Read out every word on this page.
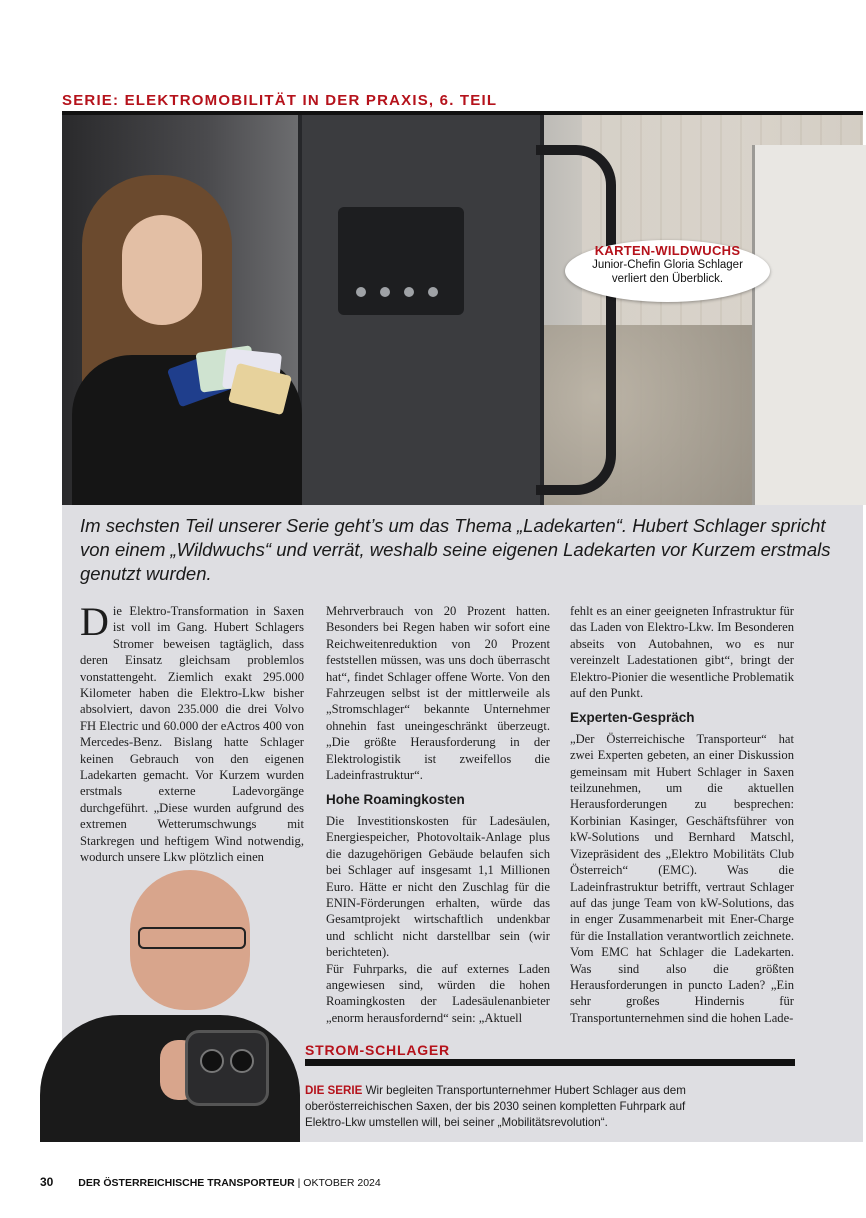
SERIE: ELEKTROMOBILITÄT IN DER PRAXIS, 6. TEIL
KARTEN-WILDWUCHS
Junior-Chefin Gloria Schlager
verliert den Überblick.
Im sechsten Teil unserer Serie geht’s um das Thema „Ladekarten“. Hubert Schlager spricht von einem „Wildwuchs“ und verrät, weshalb seine eigenen Ladekarten vor Kurzem erstmals genutzt wurden.

Die Elektro-Transformation in Saxen ist voll im Gang. Hubert Schlagers Stromer beweisen tagtäglich, dass deren Einsatz gleichsam problemlos vonstattengeht. Ziemlich exakt 295.000 Kilometer haben die Elektro-Lkw bisher absolviert, davon 235.000 die drei Volvo FH Electric und 60.000 der eActros 400 von Mercedes-Benz. Bislang hatte Schlager keinen Gebrauch von den eigenen Ladekarten gemacht. Vor Kurzem wurden erstmals externe Ladevorgänge durchgeführt. „Diese wurden aufgrund des extremen Wetterumschwungs mit Starkregen und heftigem Wind notwendig, wodurch unsere Lkw plötzlich einen

Mehrverbrauch von 20 Prozent hatten. Besonders bei Regen haben wir sofort eine Reichweitenreduktion von 20 Prozent feststellen müssen, was uns doch überrascht hat“, findet Schlager offene Worte. Von den Fahrzeugen selbst ist der mittlerweile als „Stromschlager“ bekannte Unternehmer ohnehin fast uneingeschränkt überzeugt. „Die größte Herausforderung in der Elektrologistik ist zweifellos die Ladeinfrastruktur“.

Hohe Roamingkosten

Die Investitionskosten für Ladesäulen, Energiespeicher, Photovoltaik-Anlage plus die dazugehörigen Gebäude belaufen sich bei Schlager auf insgesamt 1,1 Millionen Euro. Hätte er nicht den Zuschlag für die ENIN-Förderungen erhalten, würde das Gesamtprojekt wirtschaftlich undenkbar und schlicht nicht darstellbar sein (wir berichteten).

Für Fuhrparks, die auf externes Laden angewiesen sind, würden die hohen Roamingkosten der Ladesäulenanbieter „enorm herausfordernd“ sein: „Aktuell

fehlt es an einer geeigneten Infrastruktur für das Laden von Elektro-Lkw. Im Besonderen abseits von Autobahnen, wo es nur vereinzelt Ladestationen gibt“, bringt der Elektro-Pionier die wesentliche Problematik auf den Punkt.

Experten-Gespräch

„Der Österreichische Transporteur“ hat zwei Experten gebeten, an einer Diskussion gemeinsam mit Hubert Schlager in Saxen teilzunehmen, um die aktuellen Herausforderungen zu besprechen: Korbinian Kasinger, Geschäftsführer von kW-Solutions und Bernhard Matschl, Vizepräsident des „Elektro Mobilitäts Club Österreich“ (EMC). Was die Ladeinfrastruktur betrifft, vertraut Schlager auf das junge Team von kW-Solutions, das in enger Zusammenarbeit mit Ener-Charge für die Installation verantwortlich zeichnete. Vom EMC hat Schlager die Ladekarten. Was sind also die größten Herausforderungen in puncto Laden? „Ein sehr großes Hindernis für Transportunternehmen sind die hohen Lade-

STROM-SCHLAGER
DIE SERIE Wir begleiten Transportunternehmer Hubert Schlager aus dem oberösterreichischen Saxen, der bis 2030 seinen kompletten Fuhrpark auf Elektro-Lkw umstellen will, bei seiner „Mobilitätsrevolution“.
30 DER ÖSTERREICHISCHE TRANSPORTEUR | OKTOBER 2024
